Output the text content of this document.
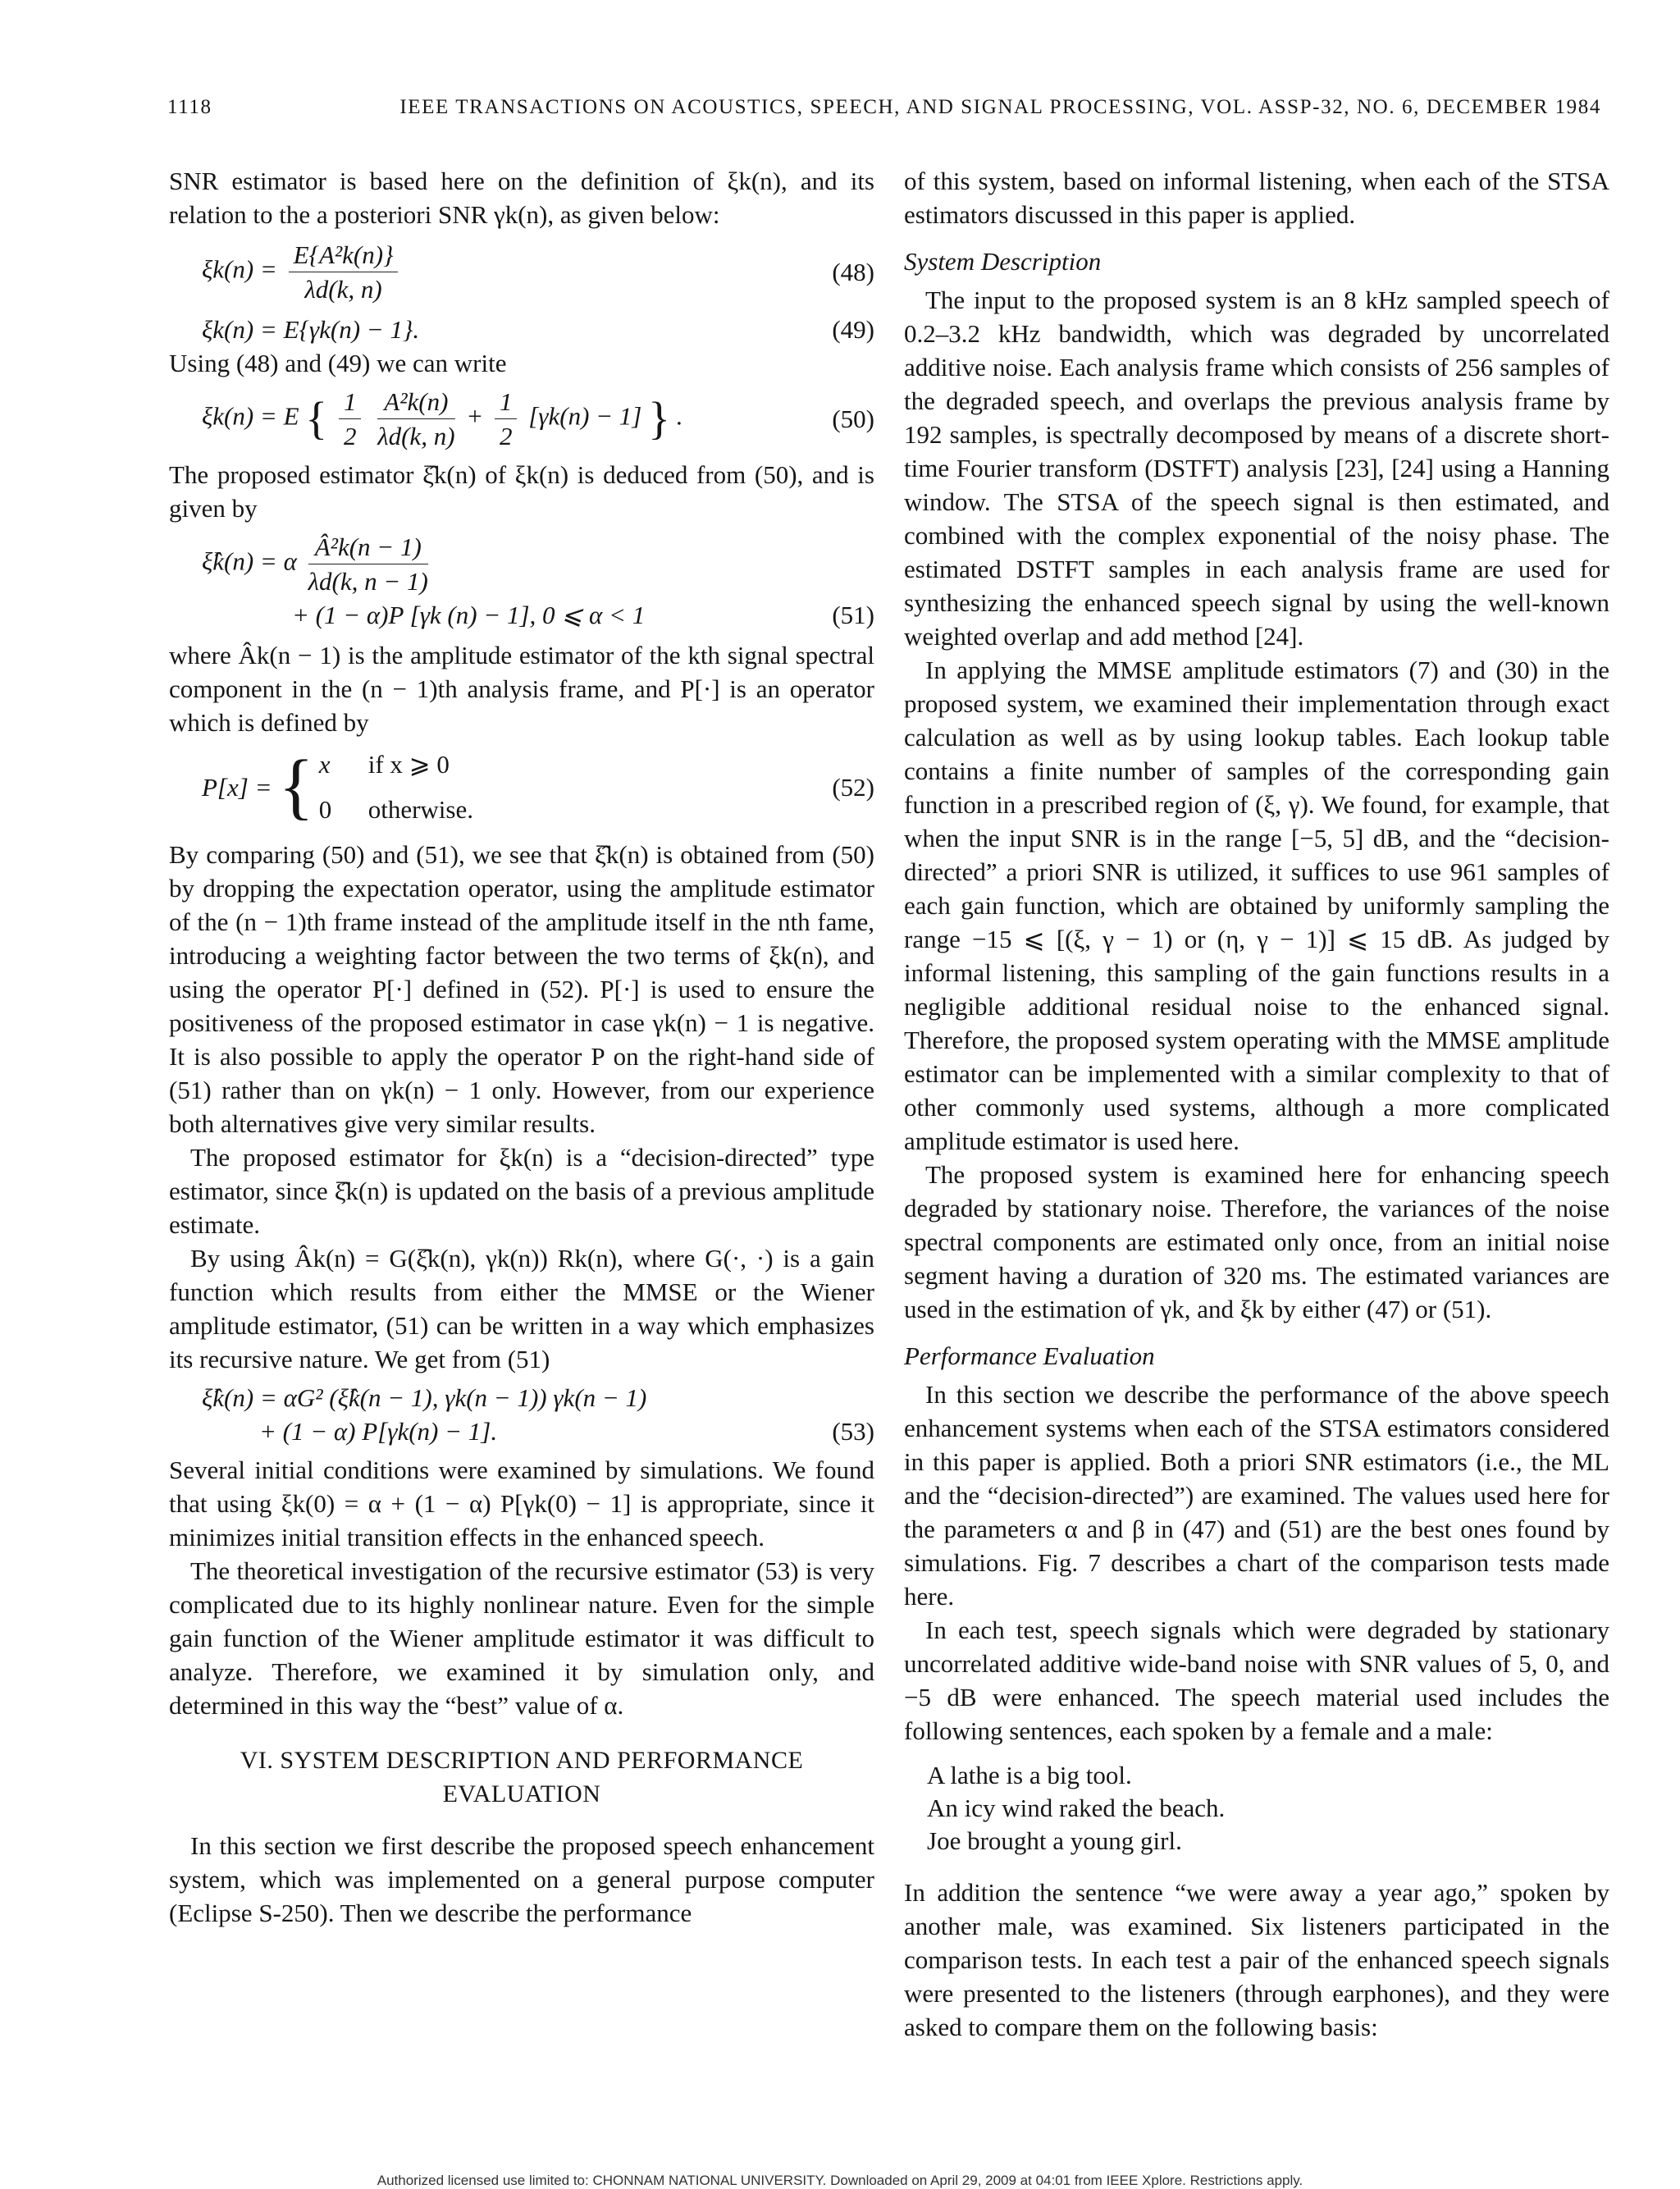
1118	IEEE TRANSACTIONS ON ACOUSTICS, SPEECH, AND SIGNAL PROCESSING, VOL. ASSP-32, NO. 6, DECEMBER 1984

SNR estimator is based here on the definition of ξk(n), and its relation to the a posteriori SNR γk(n), as given below:

$\xi k(n) = \frac{\text{E\{A²k(n)\}}}{\lambda d(k, n)}$	(48)
ξk(n) = E{γk(n) − 1}.	(49)

Using (48) and (49) we can write

ξk(n) = E { $\frac{1}{2}$
$\frac{\text{A²k(n)}}{\lambda d(k, n)} + \frac{1}{2} [\gamma k(n) - 1]$ } .	(50)

The proposed estimator ξ̂k(n) of ξk(n) is deduced from (50), and is given by

ξ̂k(n) = α $\frac{\text{Â²k(n − 1)}}{\lambda d(k, n - 1)}$
+ (1 − α)P [γk (n) − 1], 0 ⩽ α < 1	(51)

where Âk(n − 1) is the amplitude estimator of the kth signal spectral component in the (n − 1)th analysis frame, and P[·] is an operator which is defined by

P[x] = { x if x ⩾ 0
0 otherwise.
(52)

By comparing (50) and (51), we see that ξ̂k(n) is obtained from (50) by dropping the expectation operator, using the amplitude estimator of the (n − 1)th frame instead of the amplitude itself in the nth fame, introducing a weighting factor between the two terms of ξk(n), and using the operator P[·] defined in (52). P[·] is used to ensure the positiveness of the proposed estimator in case γk(n) − 1 is negative. It is also possible to apply the operator P on the right-hand side of (51) rather than on γk(n) − 1 only. However, from our experience both alternatives give very similar results.

The proposed estimator for ξk(n) is a “decision-directed” type estimator, since ξ̂k(n) is updated on the basis of a previous amplitude estimate.

By using Âk(n) = G(ξ̂k(n), γk(n)) Rk(n), where G(·, ·) is a gain function which results from either the MMSE or the Wiener amplitude estimator, (51) can be written in a way which emphasizes its recursive nature. We get from (51)

ξ̂k(n) = αG² (ξ̂k(n − 1), γk(n − 1)) γk(n − 1)
+ (1 − α) P[γk(n) − 1].	(53)

Several initial conditions were examined by simulations. We found that using ξk(0) = α + (1 − α) P[γk(0) − 1] is appropriate, since it minimizes initial transition effects in the enhanced speech.

The theoretical investigation of the recursive estimator (53) is very complicated due to its highly nonlinear nature. Even for the simple gain function of the Wiener amplitude estimator it was difficult to analyze. Therefore, we examined it by simulation only, and determined in this way the “best” value of α.

VI. SYSTEM DESCRIPTION AND PERFORMANCE
EVALUATION

In this section we first describe the proposed speech enhancement system, which was implemented on a general purpose computer (Eclipse S-250). Then we describe the performance

of this system, based on informal listening, when each of the STSA estimators discussed in this paper is applied.

System Description

The input to the proposed system is an 8 kHz sampled speech of 0.2–3.2 kHz bandwidth, which was degraded by uncorrelated additive noise. Each analysis frame which consists of 256 samples of the degraded speech, and overlaps the previous analysis frame by 192 samples, is spectrally decomposed by means of a discrete short-time Fourier transform (DSTFT) analysis [23], [24] using a Hanning window. The STSA of the speech signal is then estimated, and combined with the complex exponential of the noisy phase. The estimated DSTFT samples in each analysis frame are used for synthesizing the enhanced speech signal by using the well-known weighted overlap and add method [24].

In applying the MMSE amplitude estimators (7) and (30) in the proposed system, we examined their implementation through exact calculation as well as by using lookup tables. Each lookup table contains a finite number of samples of the corresponding gain function in a prescribed region of (ξ, γ). We found, for example, that when the input SNR is in the range [−5, 5] dB, and the “decision-directed” a priori SNR is utilized, it suffices to use 961 samples of each gain function, which are obtained by uniformly sampling the range −15 ⩽ [(ξ, γ − 1) or (η, γ − 1)] ⩽ 15 dB. As judged by informal listening, this sampling of the gain functions results in a negligible additional residual noise to the enhanced signal. Therefore, the proposed system operating with the MMSE amplitude estimator can be implemented with a similar complexity to that of other commonly used systems, although a more complicated amplitude estimator is used here.

The proposed system is examined here for enhancing speech degraded by stationary noise. Therefore, the variances of the noise spectral components are estimated only once, from an initial noise segment having a duration of 320 ms. The estimated variances are used in the estimation of γk, and ξk by either (47) or (51).

Performance Evaluation

In this section we describe the performance of the above speech enhancement systems when each of the STSA estimators considered in this paper is applied. Both a priori SNR estimators (i.e., the ML and the “decision-directed”) are examined. The values used here for the parameters α and β in (47) and (51) are the best ones found by simulations. Fig. 7 describes a chart of the comparison tests made here.

In each test, speech signals which were degraded by stationary uncorrelated additive wide-band noise with SNR values of 5, 0, and −5 dB were enhanced. The speech material used includes the following sentences, each spoken by a female and a male:

A lathe is a big tool.
An icy wind raked the beach.
Joe brought a young girl.

In addition the sentence “we were away a year ago,” spoken by another male, was examined. Six listeners participated in the comparison tests. In each test a pair of the enhanced speech signals were presented to the listeners (through earphones), and they were asked to compare them on the following basis:

Authorized licensed use limited to: CHONNAM NATIONAL UNIVERSITY. Downloaded on April 29, 2009 at 04:01 from IEEE Xplore. Restrictions apply.
